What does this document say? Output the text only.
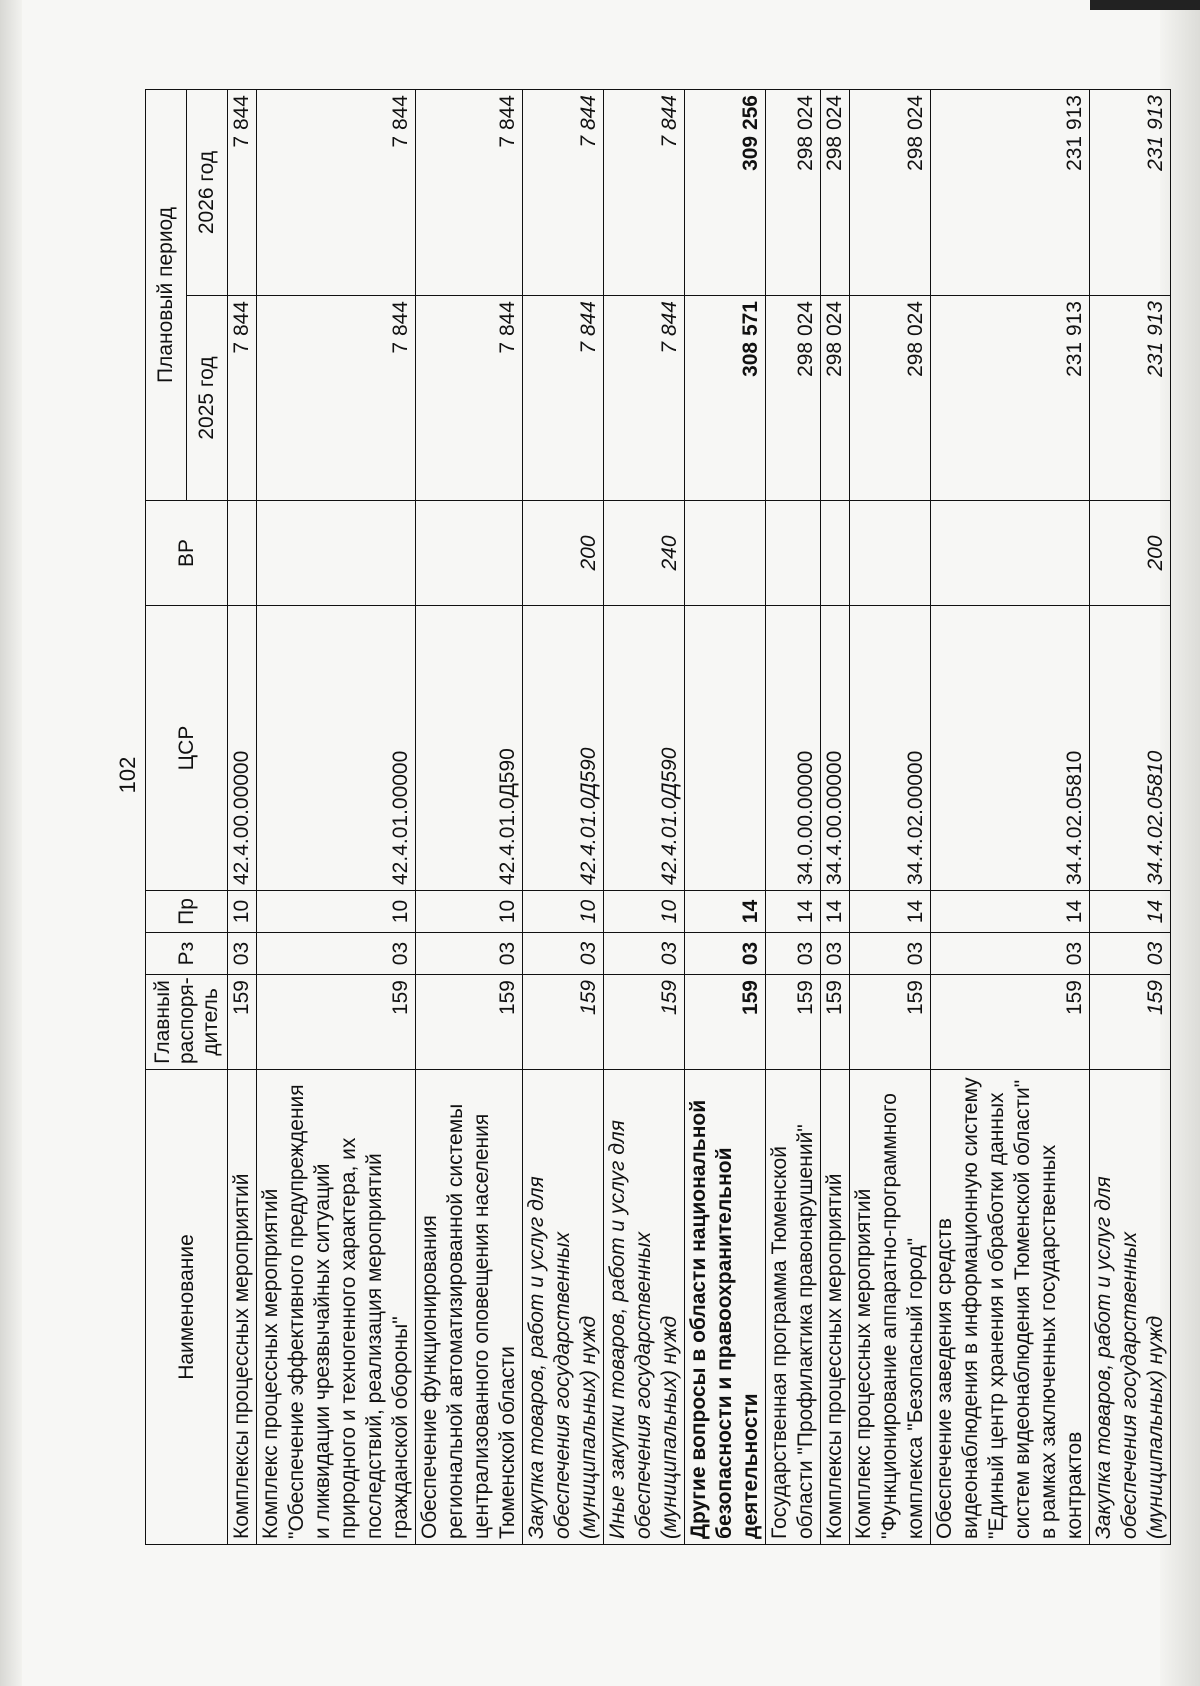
102
Наименование	Главный
распоря-
дитель	Рз	Пр	ЦСР	ВР	Плановый период	
						2025 год	2026 год
Комплексы процессных мероприятий	159	03	10	42.4.00.00000		7 844	7 844
Комплекс процессных мероприятий "Обеспечение эффективного предупреждения и ликвидации чрезвычайных ситуаций природного и техногенного характера, их последствий, реализация мероприятий гражданской обороны"	159	03	10	42.4.01.00000		7 844	7 844
Обеспечение функционирования региональной автоматизированной системы централизованного оповещения населения Тюменской области	159	03	10	42.4.01.0Д590		7 844	7 844
Закупка товаров, работ и услуг для обеспечения государственных (муниципальных) нужд	159	03	10	42.4.01.0Д590	200	7 844	7 844
Иные закупки товаров, работ и услуг для обеспечения государственных (муниципальных) нужд	159	03	10	42.4.01.0Д590	240	7 844	7 844
Другие вопросы в области национальной безопасности и правоохранительной деятельности	159	03	14			308 571	309 256
Государственная программа Тюменской области "Профилактика правонарушений"	159	03	14	34.0.00.00000		298 024	298 024
Комплексы процессных мероприятий	159	03	14	34.4.00.00000		298 024	298 024
Комплекс процессных мероприятий "Функционирование аппаратно-программного комплекса "Безопасный город"	159	03	14	34.4.02.00000		298 024	298 024
Обеспечение заведения средств видеонаблюдения в информационную систему "Единый центр хранения и обработки данных систем видеонаблюдения Тюменской области" в рамках заключенных государственных контрактов	159	03	14	34.4.02.05810		231 913	231 913
Закупка товаров, работ и услуг для обеспечения государственных (муниципальных) нужд	159	03	14	34.4.02.05810	200	231 913	231 913
